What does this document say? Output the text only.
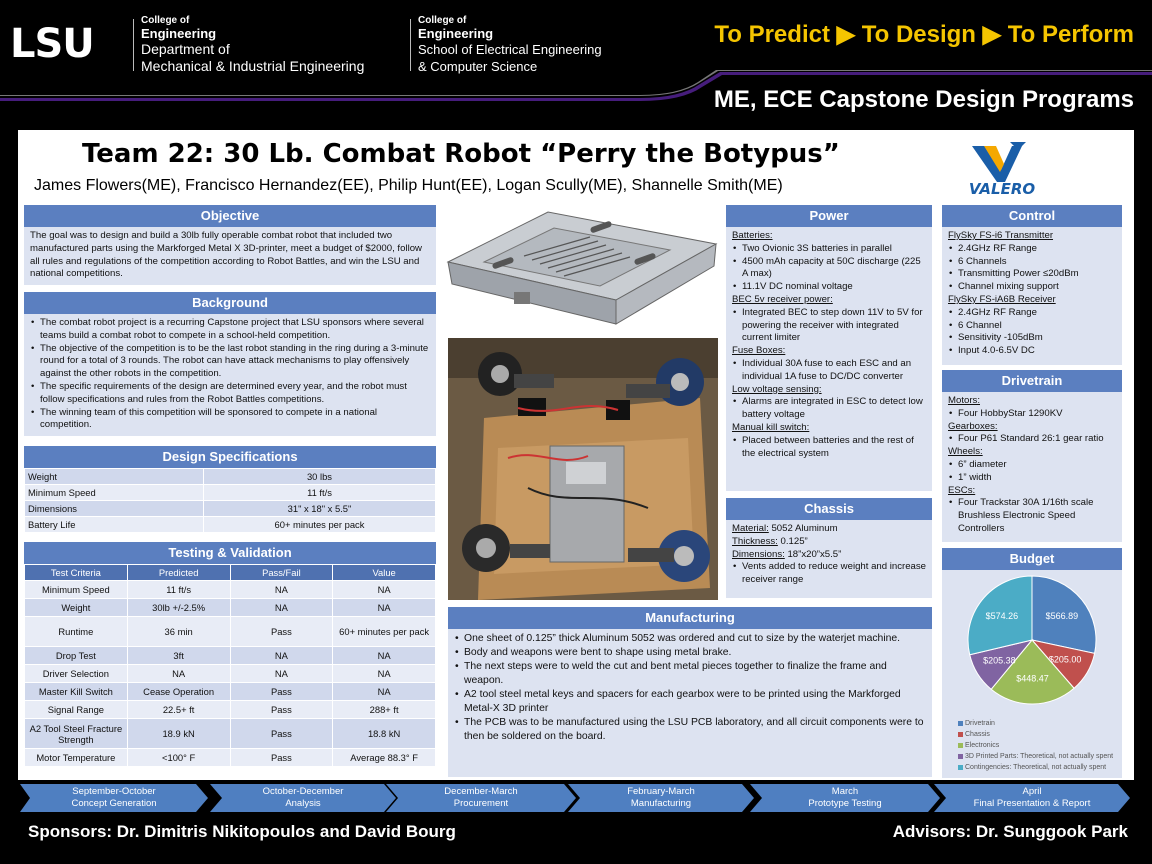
LSU
College of
Engineering
Department of
Mechanical & Industrial Engineering
College of
Engineering
School of Electrical Engineering
& Computer Science
To Predict ▶ To Design ▶ To Perform
ME, ECE Capstone Design Programs
Team 22: 30 Lb. Combat Robot “Perry the Botypus”
James Flowers(ME), Francisco Hernandez(EE), Philip Hunt(EE), Logan Scully(ME), Shannelle Smith(ME)	VALERO
Objective
The goal was to design and build a 30lb fully operable combat robot that included two manufactured parts using the Markforged Metal X 3D-printer, meet a budget of $2000, follow all rules and regulations of the competition according to Robot Battles, and win the LSU and national competitions.
Background
• The combat robot project is a recurring Capstone project that LSU sponsors where several teams build a combat robot to compete in a school-held competition.
• The objective of the competition is to be the last robot standing in the ring during a 3-minute round for a total of 3 rounds. The robot can have attack mechanisms to play offensively against the other robots in the competition.
• The specific requirements of the design are determined every year, and the robot must follow specifications and rules from the Robot Battles competitions.
• The winning team of this competition will be sponsored to compete in a national competition.
Design Specifications
Weight	30 lbs
Minimum Speed	11 ft/s
Dimensions	31" x 18" x 5.5"
Battery Life	60+ minutes per pack
Testing & Validation
Test Criteria	Predicted	Pass/Fail	Value
Minimum Speed	11 ft/s	NA	NA
Weight	30lb +/-2.5%	NA	NA
Runtime	36 min	Pass	60+ minutes per pack
Drop Test	3ft	NA	NA
Driver Selection	NA	NA	NA
Master Kill Switch	Cease Operation	Pass	NA
Signal Range	22.5+ ft	Pass	288+ ft
A2 Tool Steel Fracture Strength	18.9 kN	Pass	18.8 kN
Motor Temperature	<100° F	Pass	Average 88.3° F
Power

Batteries:

• Two Ovionic 3S batteries in parallel
• 4500 mAh capacity at 50C discharge (225 A max)
• 11.1V DC nominal voltage

BEC 5v receiver power:

• Integrated BEC to step down 11V to 5V for powering the receiver with integrated current limiter

Fuse Boxes:

• Individual 30A fuse to each ESC and an individual 1A fuse to DC/DC converter

Low voltage sensing:

• Alarms are integrated in ESC to detect low battery voltage

Manual kill switch:

• Placed between batteries and the rest of the electrical system
Chassis

Material: 5052 Aluminum

Thickness: 0.125”

Dimensions: 18”x20”x5.5”

• Vents added to reduce weight and increase receiver range
Control

FlySky FS-i6 Transmitter

• 2.4GHz RF Range
• 6 Channels
• Transmitting Power ≤20dBm
• Channel mixing support

FlySky FS-iA6B Receiver

• 2.4GHz RF Range
• 6 Channel
• Sensitivity -105dBm
• Input 4.0-6.5V DC
Drivetrain

Motors:

• Four HobbyStar 1290KV

Gearboxes:

• Four P61 Standard 26:1 gear ratio

Wheels:

• 6” diameter
• 1” width

ESCs:

• Four Trackstar 30A 1/16th scale Brushless Electronic Speed Controllers
Manufacturing
• One sheet of 0.125” thick Aluminum 5052 was ordered and cut to size by the waterjet machine.
• Body and weapons were bent to shape using metal brake.
• The next steps were to weld the cut and bent metal pieces together to finalize the frame and weapon.
• A2 tool steel metal keys and spacers for each gearbox were to be printed using the Markforged Metal-X 3D printer
• The PCB was to be manufactured using the LSU PCB laboratory, and all circuit components were to then be soldered on the board.
Budget
$566.89
$205.00
$448.47
$205.38
$574.26
Drivetrain
Chassis
Electronics
3D Printed Parts: Theoretical, not actually spent
Contingencies: Theoretical, not actually spent
September-October
Concept Generation
October-December
Analysis
December-March
Procurement
February-March
Manufacturing
March
Prototype Testing
April
Final Presentation & Report
Sponsors: Dr. Dimitris Nikitopoulos and David Bourg	Advisors: Dr. Sunggook Park
